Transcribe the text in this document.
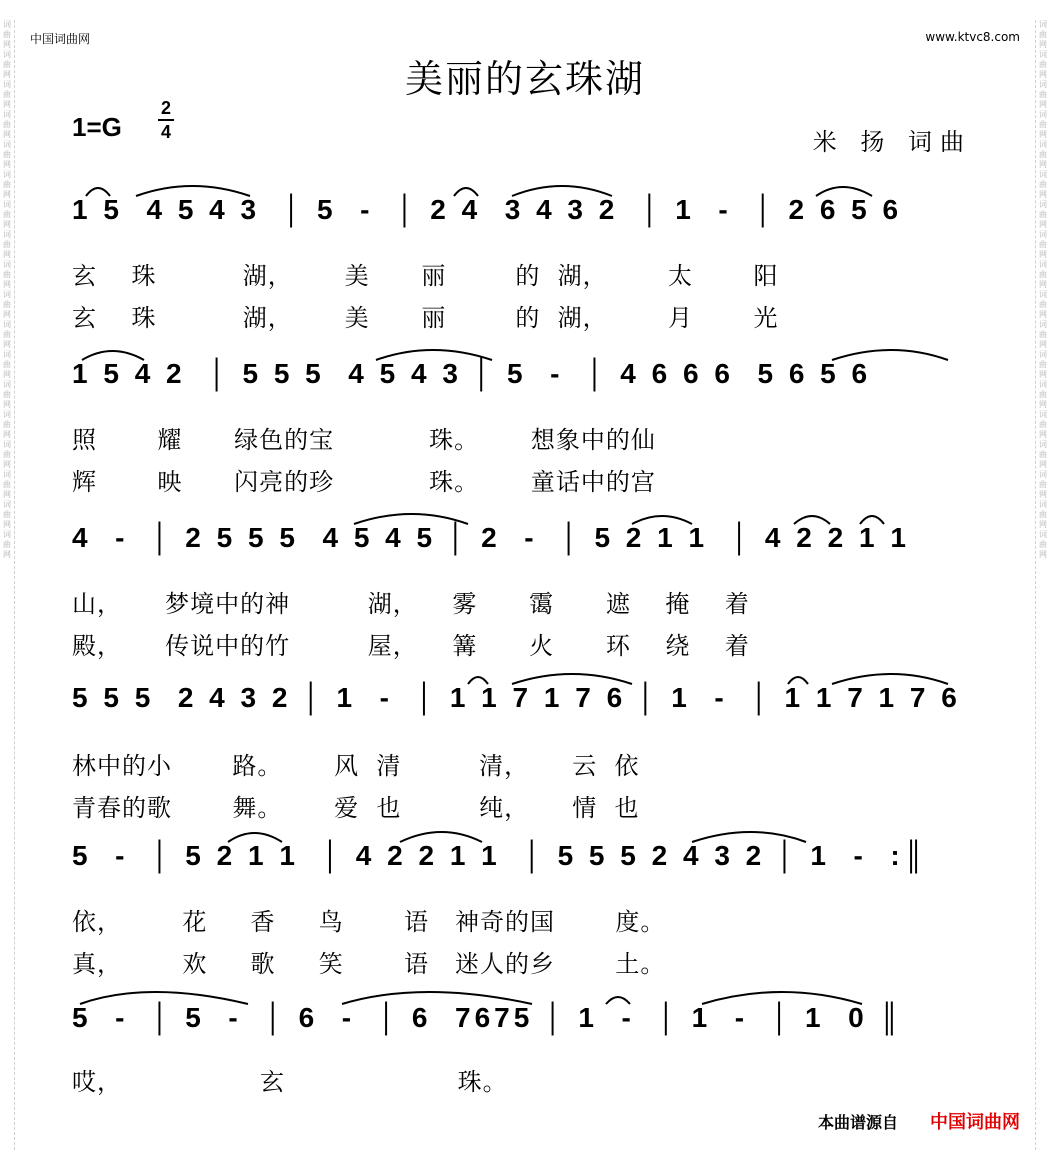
词曲网词曲网词曲网词曲网词曲网词曲网词曲网词曲网词曲网词曲网词曲网词曲网词曲网词曲网词曲网词曲网词曲网词曲网
词曲网词曲网词曲网词曲网词曲网词曲网词曲网词曲网词曲网词曲网词曲网词曲网词曲网词曲网词曲网词曲网词曲网词曲网
中国词曲网	www.ktvc8.com
美丽的玄珠湖
1=G
2
4	米 扬 词曲
1 5  4 5 4 3  │ 5  -  │ 2 4  3 4 3 2  │ 1  -  │ 2 6 5 6
玄    珠          湖，      美      丽        的  湖，       太       阳
玄    珠          湖，      美      丽        的  湖，       月       光
1 5 4 2  │ 5 5 5  4 5 4 3 │ 5  -  │ 4 6 6 6  5 6 5 6
照       耀      绿色的宝           珠。      想象中的仙
辉       映      闪亮的珍           珠。      童话中的宫
4  -  │ 2 5 5 5  4 5 4 5 │ 2  -  │ 5 2 1 1  │ 4 2 2 1 1
山，     梦境中的神         湖，    雾      霭      遮    掩    着
殿，     传说中的竹         屋，    篝      火      环    绕    着
5 5 5  2 4 3 2 │ 1  -  │ 1 1 7 1 7 6 │ 1  -  │ 1 1 7 1 7 6
林中的小       路。      风  清         清，     云  依
青春的歌       舞。      爱  也         纯，     情  也
5  -  │ 5 2 1 1  │ 4 2 2 1 1  │ 5 5 5 2 4 3 2 │ 1  -  :║
依，       花     香     鸟       语   神奇的国       度。
真，       欢     歌     笑       语   迷人的乡       土。
5  -  │ 5  -  │ 6  -  │ 6  7675 │ 1  -  │ 1  -  │ 1  0 ║
哎，                玄                    珠。
本曲谱源自 中国词曲网
